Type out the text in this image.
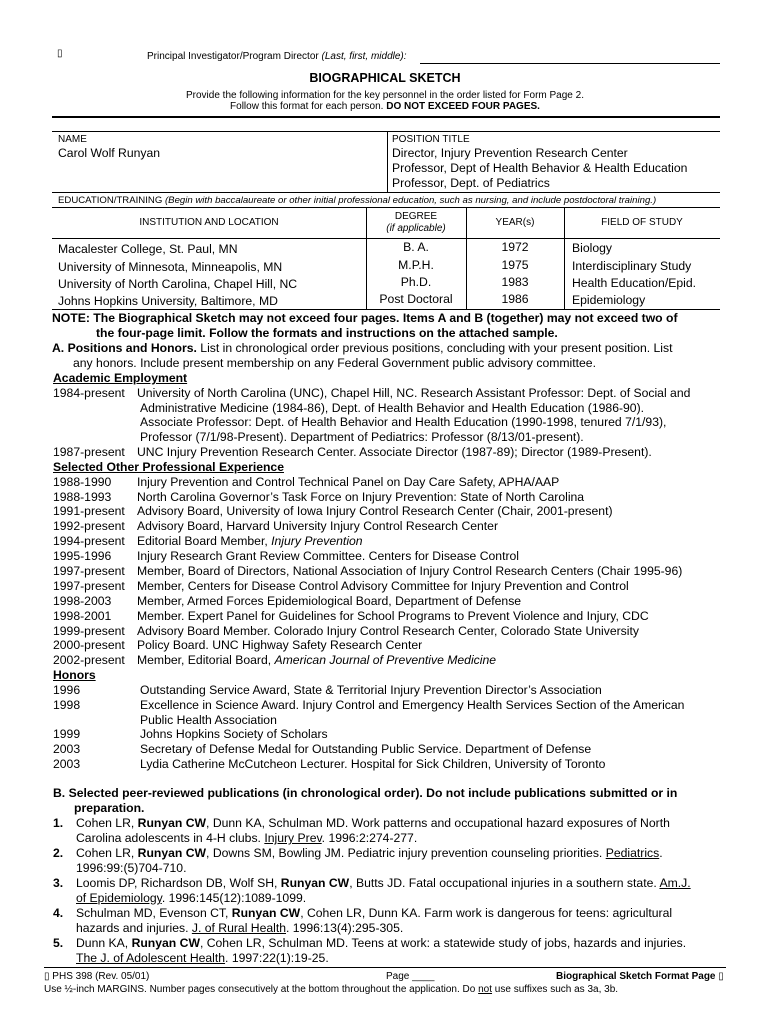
▯	Principal Investigator/Program Director (Last, first, middle):
BIOGRAPHICAL SKETCH
Provide the following information for the key personnel in the order listed for Form Page 2.
Follow this format for each person. DO NOT EXCEED FOUR PAGES.
NAME
Carol Wolf Runyan
POSITION TITLE
Director, Injury Prevention Research Center
Professor, Dept of Health Behavior & Health Education
Professor, Dept. of Pediatrics
EDUCATION/TRAINING (Begin with baccalaureate or other initial professional education, such as nursing, and include postdoctoral training.)
INSTITUTION AND LOCATION
DEGREE
(if applicable)
YEAR(s)	FIELD OF STUDY
Macalester College, St. Paul, MN	B. A.	1972	Biology
University of Minnesota, Minneapolis, MN	M.P.H.	1975	Interdisciplinary Study
University of North Carolina, Chapel Hill, NC	Ph.D.	1983	Health Education/Epid.
Johns Hopkins University, Baltimore, MD	Post Doctoral	1986	Epidemiology
NOTE: The Biographical Sketch may not exceed four pages. Items A and B (together) may not exceed two of
the four-page limit. Follow the formats and instructions on the attached sample.
A. Positions and Honors. List in chronological order previous positions, concluding with your present position. List
any honors. Include present membership on any Federal Government public advisory committee.
Academic Employment
1984-present University of North Carolina (UNC), Chapel Hill, NC. Research Assistant Professor: Dept. of Social and
Administrative Medicine (1984-86), Dept. of Health Behavior and Health Education (1986-90).
Associate Professor: Dept. of Health Behavior and Health Education (1990-1998, tenured 7/1/93),
Professor (7/1/98-Present). Department of Pediatrics: Professor (8/13/01-present).
1987-present UNC Injury Prevention Research Center. Associate Director (1987-89); Director (1989-Present).
Selected Other Professional Experience
1988-1990 Injury Prevention and Control Technical Panel on Day Care Safety, APHA/AAP
1988-1993 North Carolina Governor’s Task Force on Injury Prevention: State of North Carolina
1991-present Advisory Board, University of Iowa Injury Control Research Center (Chair, 2001-present)
1992-present Advisory Board, Harvard University Injury Control Research Center
1994-present Editorial Board Member, Injury Prevention
1995-1996 Injury Research Grant Review Committee. Centers for Disease Control
1997-present Member, Board of Directors, National Association of Injury Control Research Centers (Chair 1995-96)
1997-present Member, Centers for Disease Control Advisory Committee for Injury Prevention and Control
1998-2003 Member, Armed Forces Epidemiological Board, Department of Defense
1998-2001 Member. Expert Panel for Guidelines for School Programs to Prevent Violence and Injury, CDC
1999-present Advisory Board Member. Colorado Injury Control Research Center, Colorado State University
2000-present Policy Board. UNC Highway Safety Research Center
2002-present Member, Editorial Board, American Journal of Preventive Medicine
Honors
1996	Outstanding Service Award, State & Territorial Injury Prevention Director’s Association
1998	Excellence in Science Award. Injury Control and Emergency Health Services Section of the American
Public Health Association
1999	Johns Hopkins Society of Scholars
2003	Secretary of Defense Medal for Outstanding Public Service. Department of Defense
2003	Lydia Catherine McCutcheon Lecturer. Hospital for Sick Children, University of Toronto
B. Selected peer-reviewed publications (in chronological order). Do not include publications submitted or in
preparation.
1. Cohen LR, Runyan CW, Dunn KA, Schulman MD. Work patterns and occupational hazard exposures of North
Carolina adolescents in 4-H clubs. Injury Prev. 1996:2:274-277.
2. Cohen LR, Runyan CW, Downs SM, Bowling JM. Pediatric injury prevention counseling priorities. Pediatrics.
1996:99:(5)704-710.
3. Loomis DP, Richardson DB, Wolf SH, Runyan CW, Butts JD. Fatal occupational injuries in a southern state. Am.J.
of Epidemiology. 1996:145(12):1089-1099.
4. Schulman MD, Evenson CT, Runyan CW, Cohen LR, Dunn KA. Farm work is dangerous for teens: agricultural
hazards and injuries. J. of Rural Health. 1996:13(4):295-305.
5. Dunn KA, Runyan CW, Cohen LR, Schulman MD. Teens at work: a statewide study of jobs, hazards and injuries.
The J. of Adolescent Health. 1997:22(1):19-25.
▯ PHS 398 (Rev. 05/01)	Page ____	Biographical Sketch Format Page ▯
Use ½-inch MARGINS. Number pages consecutively at the bottom throughout the application. Do not use suffixes such as 3a, 3b.
